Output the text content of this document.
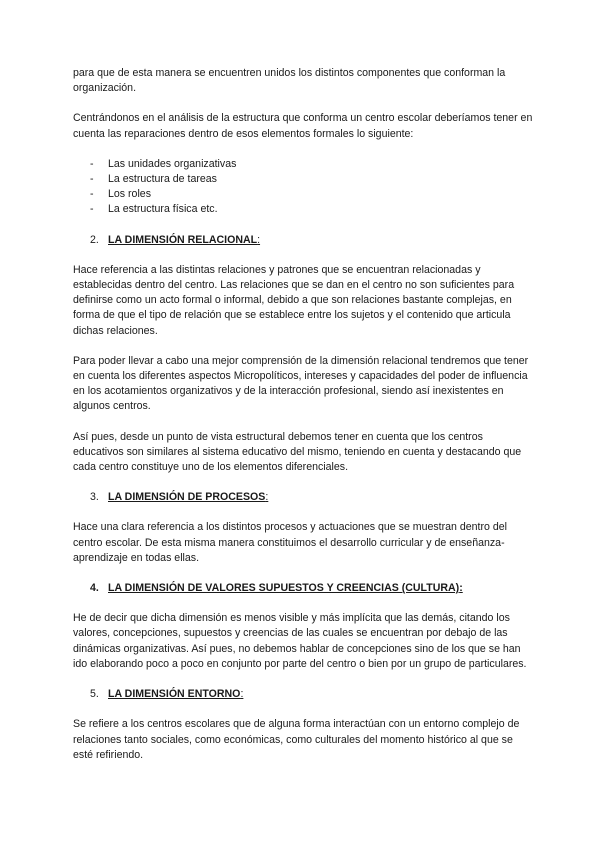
para que de esta manera se encuentren unidos los distintos componentes que conforman la organización.

Centrándonos en el análisis de la estructura que conforma un centro escolar deberíamos tener en cuenta las reparaciones dentro de esos elementos formales lo siguiente:

- Las unidades organizativas
- La estructura de tareas
- Los roles
- La estructura física etc.
2. LA DIMENSIÓN RELACIONAL:

Hace referencia a las distintas relaciones y patrones que se encuentran relacionadas y establecidas dentro del centro. Las relaciones que se dan en el centro no son suficientes para definirse como un acto formal o informal, debido a que son relaciones bastante complejas, en forma de que el tipo de relación que se establece entre los sujetos y el contenido que articula dichas relaciones.

Para poder llevar a cabo una mejor comprensión de la dimensión relacional tendremos que tener en cuenta los diferentes aspectos Micropolíticos, intereses y capacidades del poder de influencia en los acotamientos organizativos y de la interacción profesional, siendo así inexistentes en algunos centros.

Así pues, desde un punto de vista estructural debemos tener en cuenta que los centros educativos son similares al sistema educativo del mismo, teniendo en cuenta y destacando que cada centro constituye uno de los elementos diferenciales.

3. LA DIMENSIÓN DE PROCESOS:

Hace una clara referencia a los distintos procesos y actuaciones que se muestran dentro del centro escolar. De esta misma manera constituimos el desarrollo curricular y de enseñanza-aprendizaje en todas ellas.

4. LA DIMENSIÓN DE VALORES SUPUESTOS Y CREENCIAS (CULTURA):

He de decir que dicha dimensión es menos visible y más implícita que las demás, citando los valores, concepciones, supuestos y creencias de las cuales se encuentran por debajo de las dinámicas organizativas. Así pues, no debemos hablar de concepciones sino de los que se han ido elaborando poco a poco en conjunto por parte del centro o bien por un grupo de particulares.

5. LA DIMENSIÓN ENTORNO:

Se refiere a los centros escolares que de alguna forma interactúan con un entorno complejo de relaciones tanto sociales, como económicas, como culturales del momento histórico al que se esté refiriendo.
